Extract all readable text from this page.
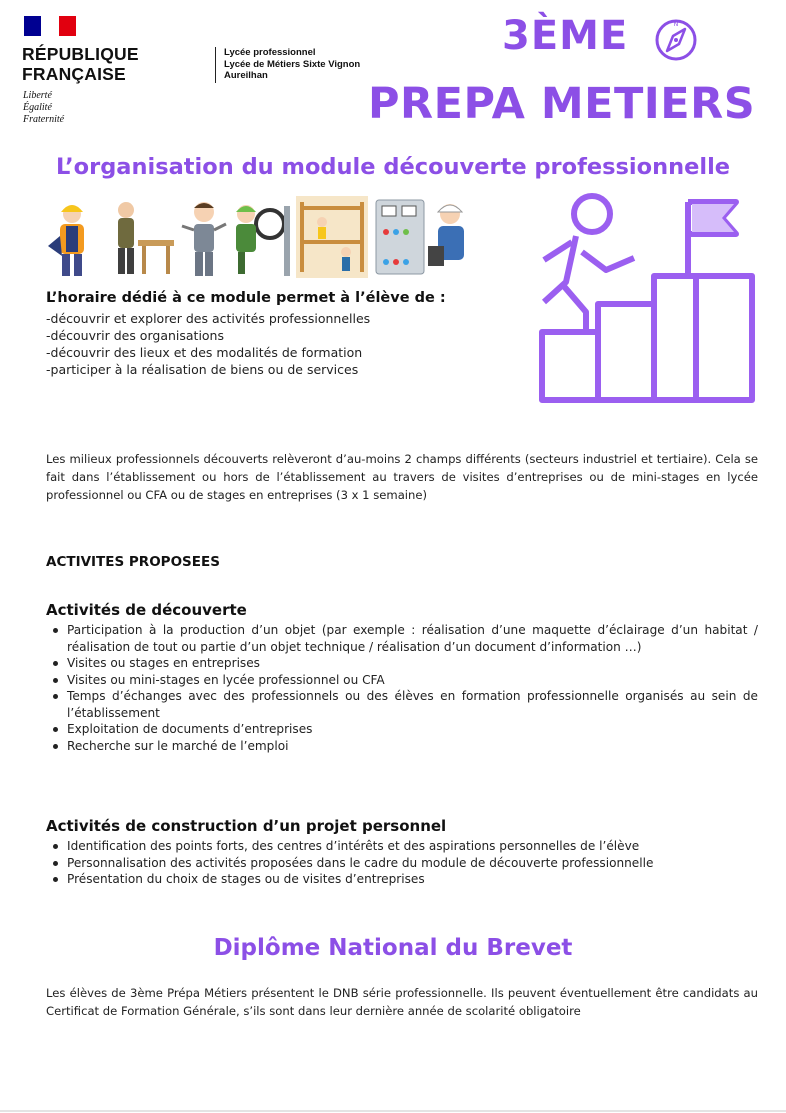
RÉPUBLIQUE
FRANÇAISE
Liberté
Égalité
Fraternité
Lycée professionnel
Lycée de Métiers Sixte Vignon
Aureilhan
3ÈME	N
PREPA METIERS
L’organisation du module découverte professionnelle
L’horaire dédié à ce module permet à l’élève de :
-découvrir et explorer des activités professionnelles
-découvrir des organisations
-découvrir des lieux et des modalités de formation
-participer à la réalisation de biens ou de services
Les milieux professionnels découverts relèveront d’au-moins 2 champs différents (secteurs industriel et tertiaire). Cela se fait dans l’établissement ou hors de l’établissement au travers de visites d’entreprises ou de mini-stages en lycée professionnel ou CFA ou de stages en entreprises (3 x 1 semaine)
ACTIVITES PROPOSEES
Activités de découverte
Participation à la production d’un objet (par exemple : réalisation d’une maquette d’éclairage d’un habitat / réalisation de tout ou partie d’un objet technique / réalisation d’un document d’information …)
Visites ou stages en entreprises
Visites ou mini-stages en lycée professionnel ou CFA
Temps d’échanges avec des professionnels ou des élèves en formation professionnelle organisés au sein de l’établissement
Exploitation de documents d’entreprises
Recherche sur le marché de l’emploi
Activités de construction d’un projet personnel
Identification des points forts, des centres d’intérêts et des aspirations personnelles de l’élève
Personnalisation des activités proposées dans le cadre du module de découverte professionnelle
Présentation du choix de stages ou de visites d’entreprises
Diplôme National du Brevet
Les élèves de 3ème Prépa Métiers présentent le DNB série professionnelle. Ils peuvent éventuellement être candidats au Certificat de Formation Générale, s’ils sont dans leur dernière année de scolarité obligatoire
